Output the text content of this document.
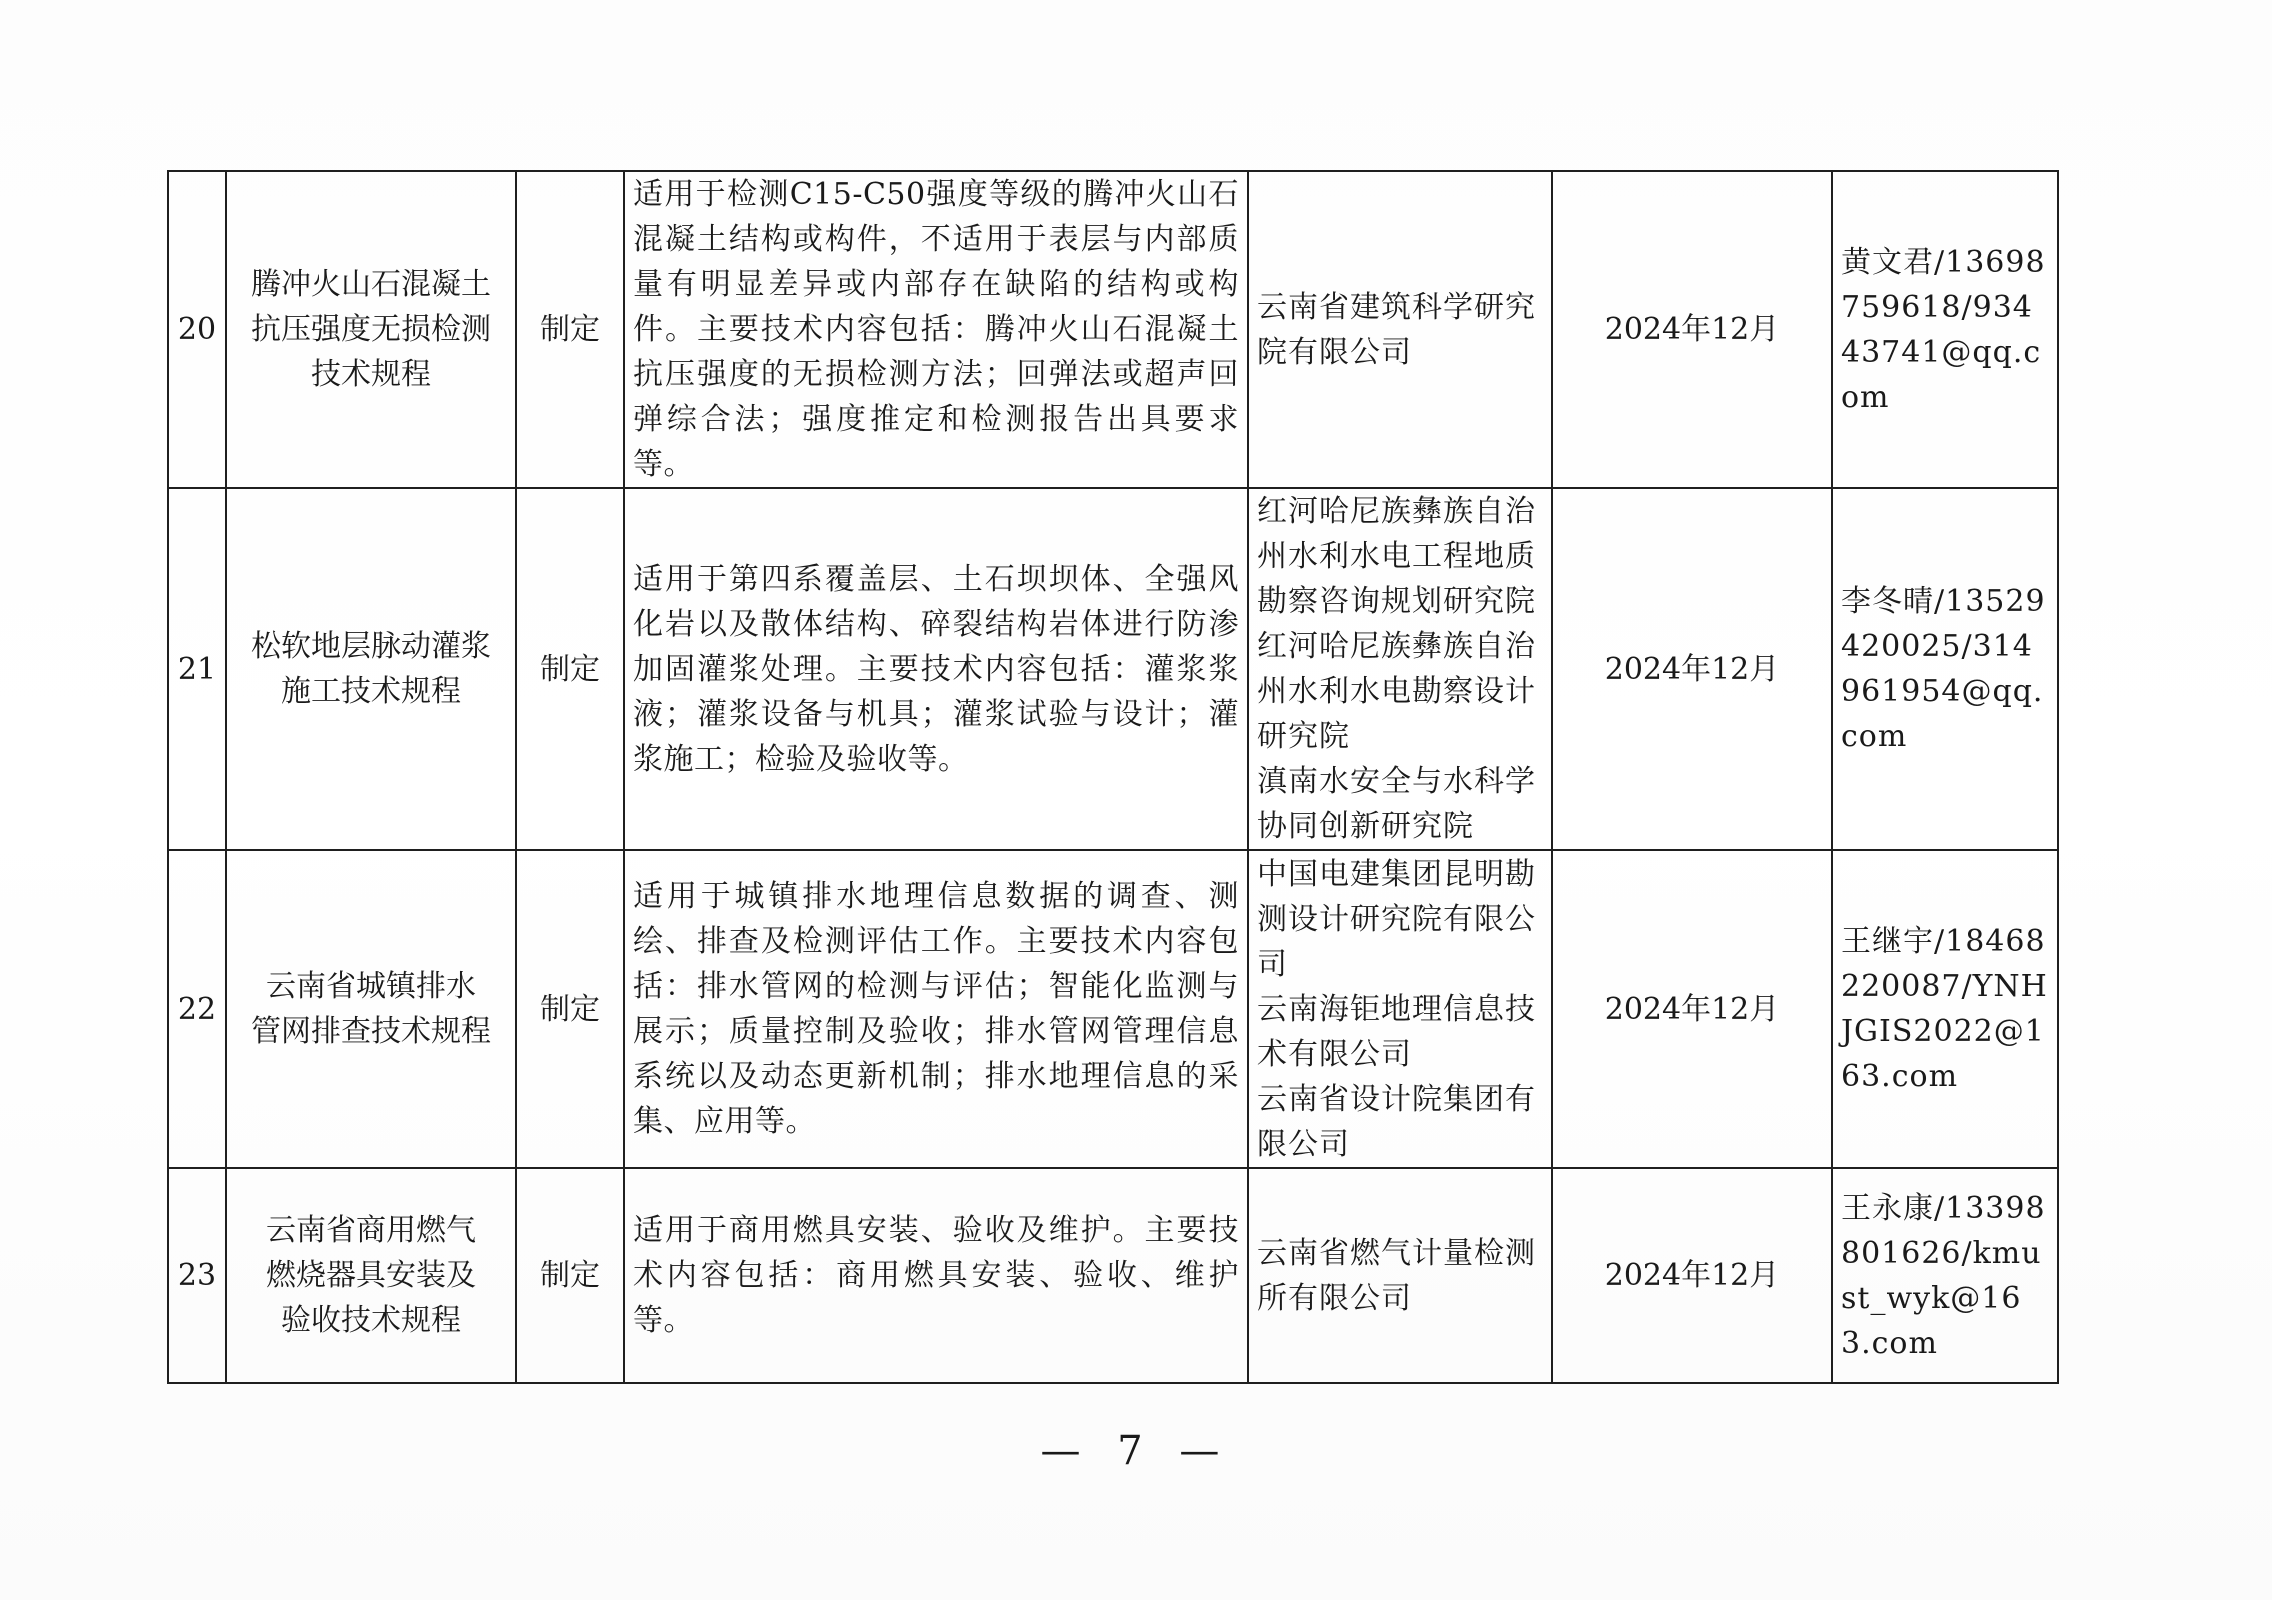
20	腾冲火山石混凝土
抗压强度无损检测
技术规程	制定	适用于检测C15-C50强度等级的腾冲火山石混凝土结构或构件，不适用于表层与内部质量有明显差异或内部存在缺陷的结构或构件。主要技术内容包括：腾冲火山石混凝土抗压强度的无损检测方法；回弹法或超声回弹综合法；强度推定和检测报告出具要求等。	云南省建筑科学研究院有限公司	2024年12月	黄文君/13698759618/93443741@qq.com
21	松软地层脉动灌浆
施工技术规程	制定	适用于第四系覆盖层、土石坝坝体、全强风化岩以及散体结构、碎裂结构岩体进行防渗加固灌浆处理。主要技术内容包括：灌浆浆液；灌浆设备与机具；灌浆试验与设计；灌浆施工；检验及验收等。	红河哈尼族彝族自治州水利水电工程地质勘察咨询规划研究院
红河哈尼族彝族自治州水利水电勘察设计研究院
滇南水安全与水科学协同创新研究院	2024年12月	李冬晴/13529420025/314961954@qq.com
22	云南省城镇排水
管网排查技术规程	制定	适用于城镇排水地理信息数据的调查、测绘、排查及检测评估工作。主要技术内容包括：排水管网的检测与评估；智能化监测与展示；质量控制及验收；排水管网管理信息系统以及动态更新机制；排水地理信息的采集、应用等。	中国电建集团昆明勘测设计研究院有限公司
云南海钜地理信息技术有限公司
云南省设计院集团有限公司	2024年12月	王继宇/18468220087/YNHJGIS2022@163.com
23	云南省商用燃气
燃烧器具安装及
验收技术规程	制定	适用于商用燃具安装、验收及维护。主要技术内容包括：商用燃具安装、验收、维护等。	云南省燃气计量检测所有限公司	2024年12月	王永康/13398801626/kmust_wyk@163.com
— 7 —
